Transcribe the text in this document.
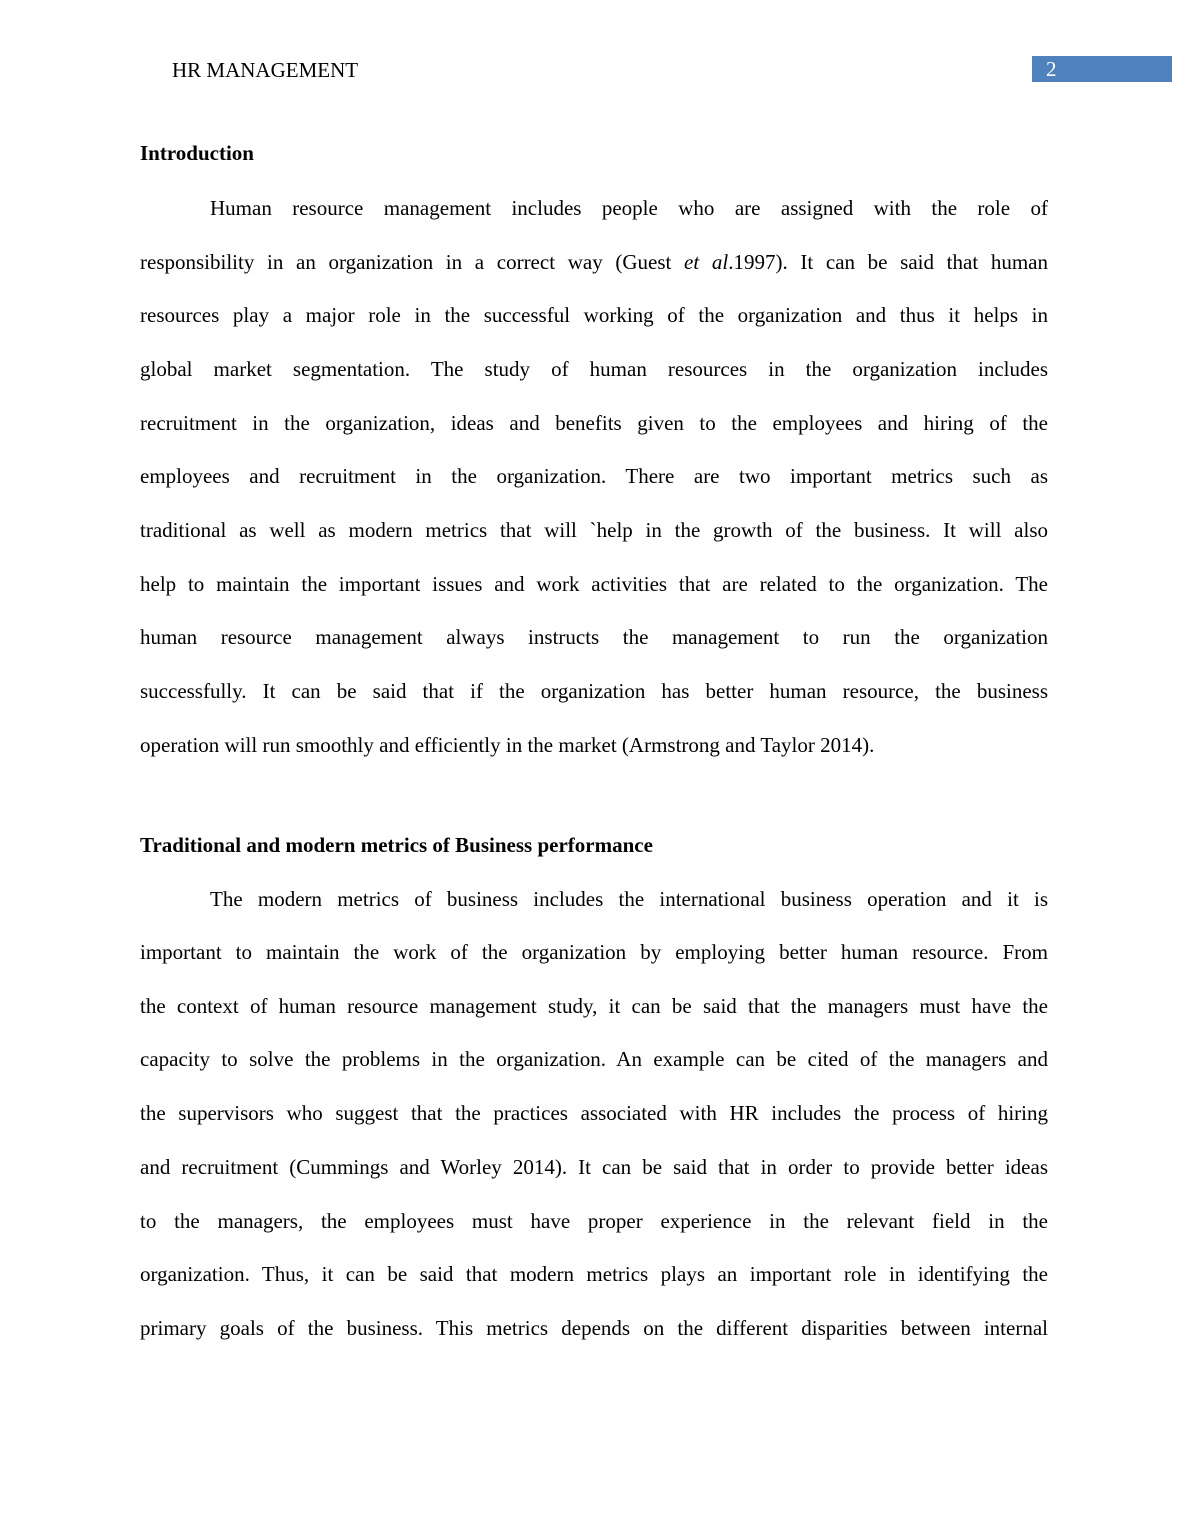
HR MANAGEMENT	2
Introduction
Human resource management includes people who are assigned with the role of
responsibility in an organization in a correct way (Guest et al.1997). It can be said that human
resources play a major role in the successful working of the organization and thus it helps in
global market segmentation. The study of human resources in the organization includes
recruitment in the organization, ideas and benefits given to the employees and hiring of the
employees and recruitment in the organization. There are two important metrics such as
traditional as well as modern metrics that will `help in the growth of the business. It will also
help to maintain the important issues and work activities that are related to the organization. The
human resource management always instructs the management to run the organization
successfully. It can be said that if the organization has better human resource, the business
operation will run smoothly and efficiently in the market (Armstrong and Taylor 2014).
Traditional and modern metrics of Business performance
The modern metrics of business includes the international business operation and it is
important to maintain the work of the organization by employing better human resource. From
the context of human resource management study, it can be said that the managers must have the
capacity to solve the problems in the organization. An example can be cited of the managers and
the supervisors who suggest that the practices associated with HR includes the process of hiring
and recruitment (Cummings and Worley 2014). It can be said that in order to provide better ideas
to the managers, the employees must have proper experience in the relevant field in the
organization. Thus, it can be said that modern metrics plays an important role in identifying the
primary goals of the business. This metrics depends on the different disparities between internal
